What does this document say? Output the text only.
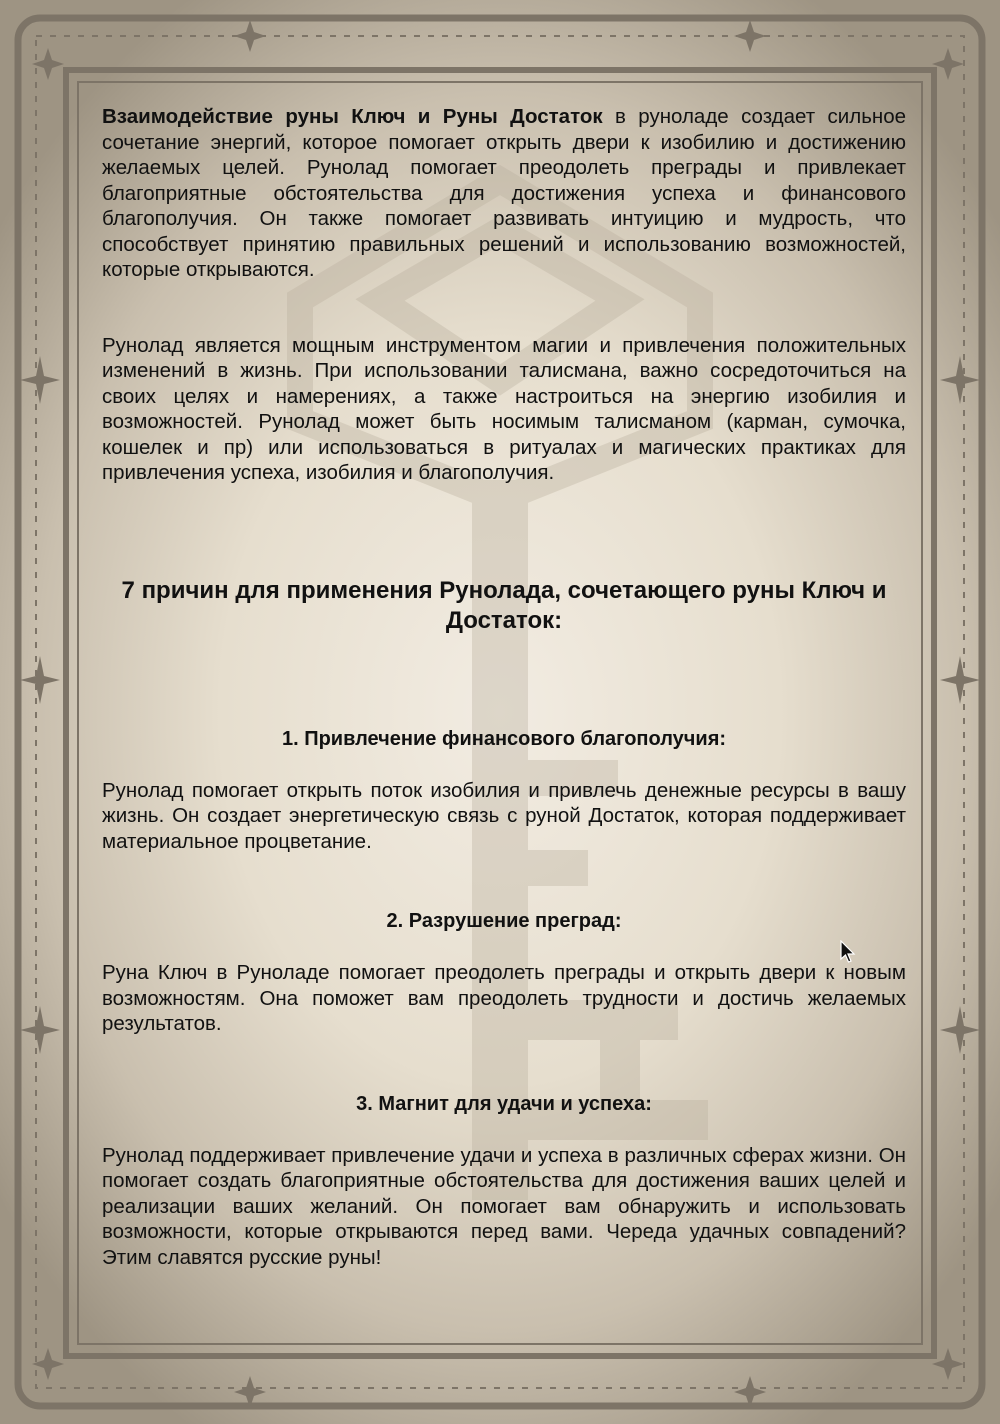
Взаимодействие руны Ключ и Руны Достаток в руноладе создает сильное сочетание энергий, которое помогает открыть двери к изобилию и достижению желаемых целей. Рунолад помогает преодолеть преграды и привлекает благоприятные обстоятельства для достижения успеха и финансового благополучия. Он также помогает развивать интуицию и мудрость, что способствует принятию правильных решений и использованию возможностей, которые открываются.

Рунолад является мощным инструментом магии и привлечения положительных изменений в жизнь. При использовании талисмана, важно сосредоточиться на своих целях и намерениях, а также настроиться на энергию изобилия и возможностей. Рунолад может быть носимым талисманом (карман, сумочка, кошелек и пр) или использоваться в ритуалах и магических практиках для привлечения успеха, изобилия и благополучия.

7 причин для применения Рунолада, сочетающего руны Ключ и Достаток:
1. Привлечение финансового благополучия:

Рунолад помогает открыть поток изобилия и привлечь денежные ресурсы в вашу жизнь. Он создает энергетическую связь с руной Достаток, которая поддерживает материальное процветание.

2. Разрушение преград:

Руна Ключ в Руноладе помогает преодолеть преграды и открыть двери к новым возможностям. Она поможет вам преодолеть трудности и достичь желаемых результатов.

3. Магнит для удачи и успеха:

Рунолад поддерживает привлечение удачи и успеха в различных сферах жизни. Он помогает создать благоприятные обстоятельства для достижения ваших целей и реализации ваших желаний. Он помогает вам обнаружить и использовать возможности, которые открываются перед вами. Череда удачных совпадений? Этим славятся русские руны!
